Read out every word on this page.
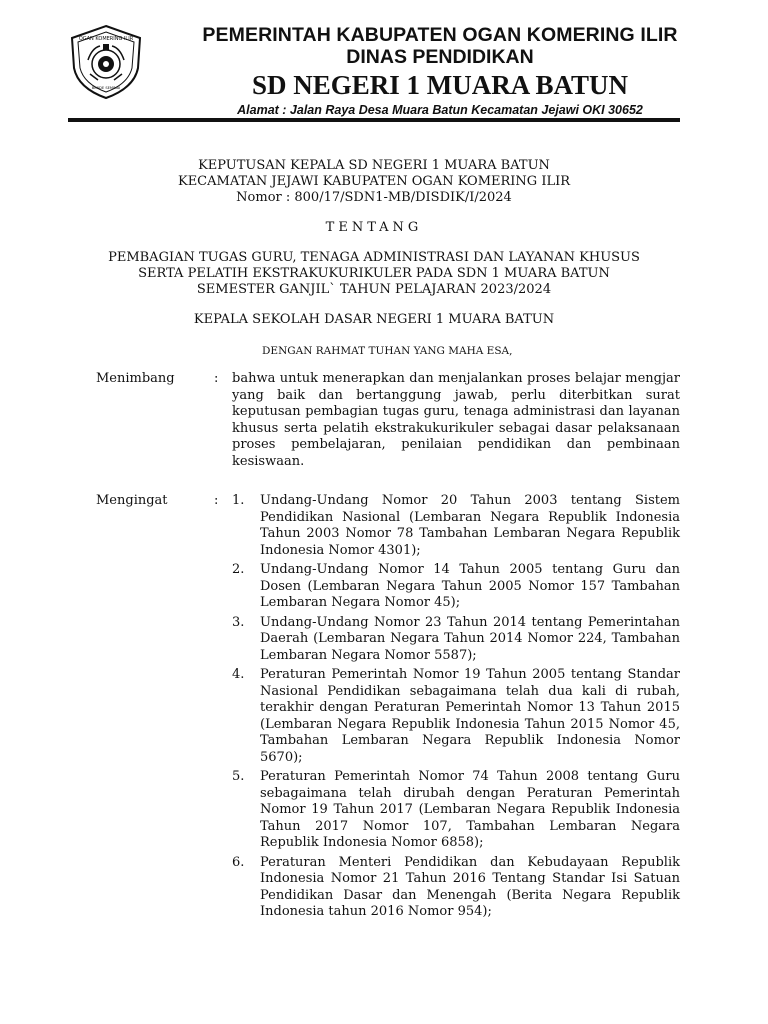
OGAN KOMERING ILIR
BENDE SEMINAI
PEMERINTAH KABUPATEN OGAN KOMERING ILIR
DINAS PENDIDIKAN
SD NEGERI 1 MUARA BATUN
Alamat : Jalan Raya Desa Muara Batun Kecamatan Jejawi OKI 30652
KEPUTUSAN KEPALA SD NEGERI 1 MUARA BATUN
KECAMATAN JEJAWI KABUPATEN OGAN KOMERING ILIR
Nomor : 800/17/SDN1-MB/DISDIK/I/2024
TENTANG
PEMBAGIAN TUGAS GURU, TENAGA ADMINISTRASI DAN LAYANAN KHUSUS
SERTA PELATIH EKSTRAKUKURIKULER PADA SDN 1 MUARA BATUN
SEMESTER GANJIL` TAHUN PELAJARAN 2023/2024
KEPALA SEKOLAH DASAR NEGERI 1 MUARA BATUN
DENGAN RAHMAT TUHAN YANG MAHA ESA,
Menimbang	: bahwa untuk menerapkan dan menjalankan proses belajar mengjar yang baik dan bertanggung jawab, perlu diterbitkan surat keputusan pembagian tugas guru, tenaga administrasi dan layanan khusus serta pelatih ekstrakukurikuler sebagai dasar pelaksanaan proses pembelajaran, penilaian pendidikan dan pembinaan kesiswaan.
Mengingat	: 1. Undang-Undang Nomor 20 Tahun 2003 tentang Sistem Pendidikan Nasional (Lembaran Negara Republik Indonesia Tahun 2003 Nomor 78 Tambahan Lembaran Negara Republik Indonesia Nomor 4301);
2. Undang-Undang Nomor 14 Tahun 2005 tentang Guru dan Dosen (Lembaran Negara Tahun 2005 Nomor 157 Tambahan Lembaran Negara Nomor 45);
3. Undang-Undang Nomor 23 Tahun 2014 tentang Pemerintahan Daerah (Lembaran Negara Tahun 2014 Nomor 224, Tambahan Lembaran Negara Nomor 5587);
4. Peraturan Pemerintah Nomor 19 Tahun 2005 tentang Standar Nasional Pendidikan sebagaimana telah dua kali di rubah, terakhir dengan Peraturan Pemerintah Nomor 13 Tahun 2015 (Lembaran Negara Republik Indonesia Tahun 2015 Nomor 45, Tambahan Lembaran Negara Republik Indonesia Nomor 5670);
5. Peraturan Pemerintah Nomor 74 Tahun 2008 tentang Guru sebagaimana telah dirubah dengan Peraturan Pemerintah Nomor 19 Tahun 2017 (Lembaran Negara Republik Indonesia Tahun 2017 Nomor 107, Tambahan Lembaran Negara Republik Indonesia Nomor 6858);
6. Peraturan Menteri Pendidikan dan Kebudayaan Republik Indonesia Nomor 21 Tahun 2016 Tentang Standar Isi Satuan Pendidikan Dasar dan Menengah (Berita Negara Republik Indonesia tahun 2016 Nomor 954);
